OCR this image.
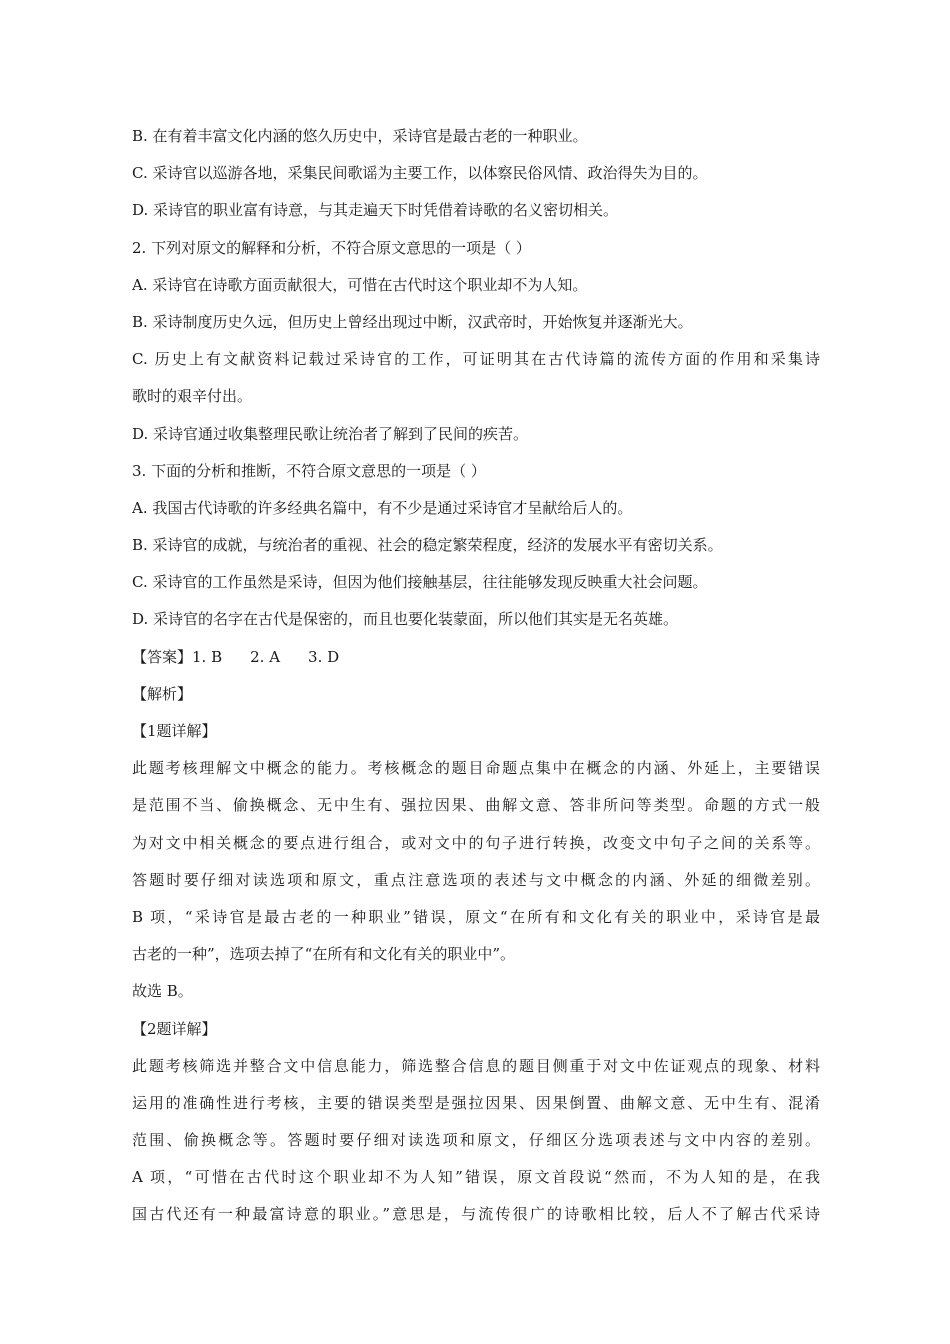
B. 在有着丰富文化内涵的悠久历史中，采诗官是最古老的一种职业。
C. 采诗官以巡游各地，采集民间歌谣为主要工作，以体察民俗风情、政治得失为目的。
D. 采诗官的职业富有诗意，与其走遍天下时凭借着诗歌的名义密切相关。
2. 下列对原文的解释和分析，不符合原文意思的一项是（ ）
A. 采诗官在诗歌方面贡献很大，可惜在古代时这个职业却不为人知。
B. 采诗制度历史久远，但历史上曾经出现过中断，汉武帝时，开始恢复并逐渐光大。
C. 历史上有文献资料记载过采诗官的工作，可证明其在古代诗篇的流传方面的作用和采集诗
歌时的艰辛付出。
D. 采诗官通过收集整理民歌让统治者了解到了民间的疾苦。
3. 下面的分析和推断，不符合原文意思的一项是（ ）
A. 我国古代诗歌的许多经典名篇中，有不少是通过采诗官才呈献给后人的。
B. 采诗官的成就，与统治者的重视、社会的稳定繁荣程度，经济的发展水平有密切关系。
C. 采诗官的工作虽然是采诗，但因为他们接触基层，往往能够发现反映重大社会问题。
D. 采诗官的名字在古代是保密的，而且也要化装蒙面，所以他们其实是无名英雄。
【答案】1. B 2. A 3. D
【解析】
【1题详解】
此题考核理解文中概念的能力。考核概念的题目命题点集中在概念的内涵、外延上，主要错误
是范围不当、偷换概念、无中生有、强拉因果、曲解文意、答非所问等类型。命题的方式一般
为对文中相关概念的要点进行组合，或对文中的句子进行转换，改变文中句子之间的关系等。
答题时要仔细对读选项和原文，重点注意选项的表述与文中概念的内涵、外延的细微差别。
B 项，“采诗官是最古老的一种职业”错误，原文“在所有和文化有关的职业中，采诗官是最
古老的一种”，选项去掉了“在所有和文化有关的职业中”。
故选 B。
【2题详解】
此题考核筛选并整合文中信息能力，筛选整合信息的题目侧重于对文中佐证观点的现象、材料
运用的准确性进行考核，主要的错误类型是强拉因果、因果倒置、曲解文意、无中生有、混淆
范围、偷换概念等。答题时要仔细对读选项和原文，仔细区分选项表述与文中内容的差别。
A 项，“可惜在古代时这个职业却不为人知”错误，原文首段说“然而，不为人知的是，在我
国古代还有一种最富诗意的职业。”意思是，与流传很广的诗歌相比较，后人不了解古代采诗
